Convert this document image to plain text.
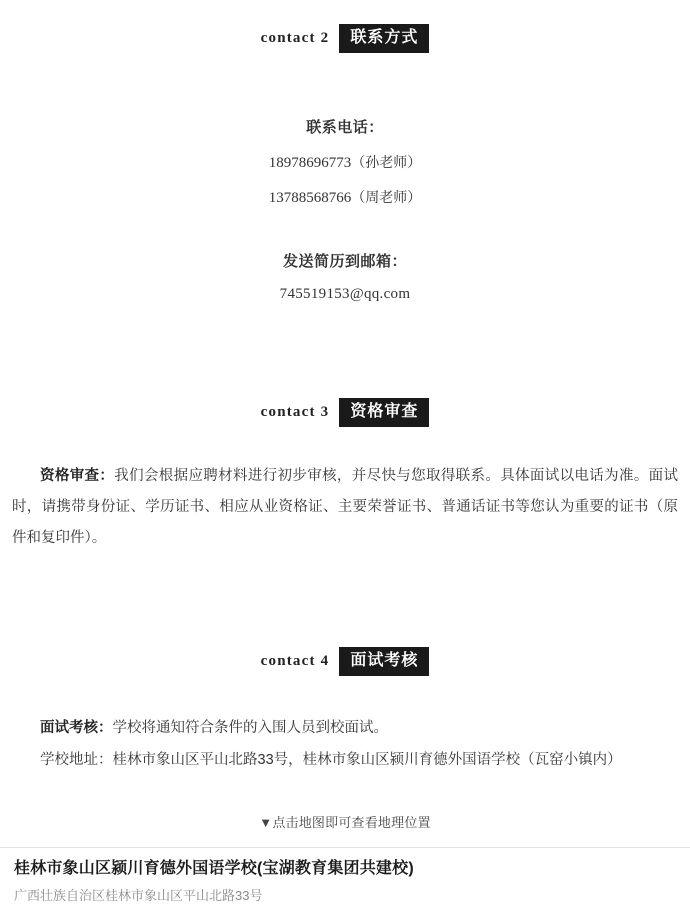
contact 2	联系方式
联系电话：
18978696773（孙老师）
13788568766（周老师）
发送简历到邮箱：
745519153@qq.com
contact 3	资格审查

资格审查：我们会根据应聘材料进行初步审核，并尽快与您取得联系。具体面试以电话为准。面试时，请携带身份证、学历证书、相应从业资格证、主要荣誉证书、普通话证书等您认为重要的证书（原件和复印件）。

contact 4	面试考核

面试考核：学校将通知符合条件的入围人员到校面试。

学校地址：桂林市象山区平山北路33号，桂林市象山区颍川育德外国语学校（瓦窑小镇内）
▼点击地图即可查看地理位置
桂林市象山区颍川育德外国语学校(宝湖教育集团共建校)
广西壮族自治区桂林市象山区平山北路33号
